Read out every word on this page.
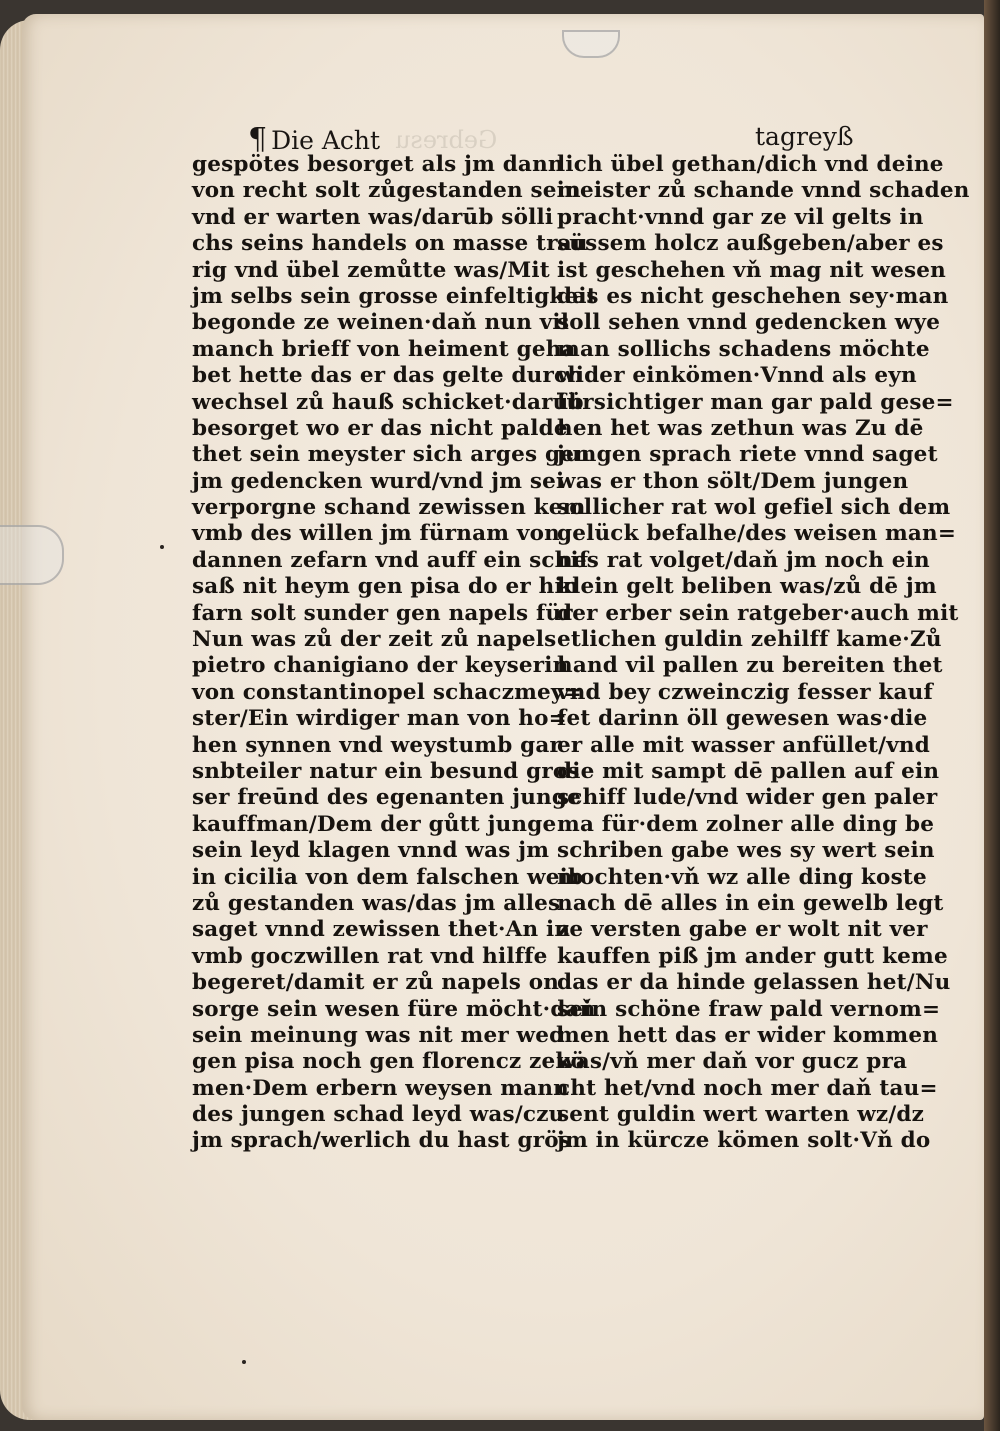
Gebresu
¶ Die Acht	tagreyß
gespötes besorget als jm dann
von recht solt zůgestanden sein
vnd er warten was/darūb sölli
chs seins handels on masse trau
rig vnd übel zemůtte was/Mit
jm selbs sein grosse einfeltigkeit
begonde ze weinen·daň nun vil
manch brieff von heiment geha
bet hette das er das gelte durch
wechsel zů hauß schicket·darūb
besorget wo er das nicht palde
thet sein meyster sich arges gen
jm gedencken wurd/vnd jm sei
verporgne schand zewissen kem
vmb des willen jm fürnam von
dannen zefarn vnd auff ein schif
saß nit heym gen pisa do er hin
farn solt sunder gen napels für
Nun was zů der zeit zů napels
pietro chanigiano der keyserin
von constantinopel schaczmey=
ster/Ein wirdiger man von ho=
hen synnen vnd weystumb gar
snbteiler natur ein besund gros
ser freūnd des egenanten junge
kauffman/Dem der gůtt junge
sein leyd klagen vnnd was jm
in cicilia von dem falschen weib
zů gestanden was/das jm alles
saget vnnd zewissen thet·An in
vmb goczwillen rat vnd hilffe
begeret/damit er zů napels on
sorge sein wesen füre möcht·daň
sein meinung was nit mer wed
gen pisa noch gen florencz zekö
men·Dem erbern weysen mann
des jungen schad leyd was/czu
jm sprach/werlich du hast grös
lich übel gethan/dich vnd deine
meister zů schande vnnd schaden
pracht·vnnd gar ze vil gelts in
süssem holcz außgeben/aber es
ist geschehen vň mag nit wesen
das es nicht geschehen sey·man
soll sehen vnnd gedencken wye
man sollichs schadens möchte
wider einkömen·Vnnd als eyn
fürsichtiger man gar pald gese=
hen het was zethun was Zu dē
jungen sprach riete vnnd saget
was er thon sölt/Dem jungen
sollicher rat wol gefiel sich dem
gelück befalhe/des weisen man=
nes rat volget/daň jm noch ein
klein gelt beliben was/zů dē jm
der erber sein ratgeber·auch mit
etlichen guldin zehilff kame·Zů
hand vil pallen zu bereiten thet
vnd bey czweinczig fesser kauf
fet darinn öll gewesen was·die
er alle mit wasser anfüllet/vnd
die mit sampt dē pallen auf ein
schiff lude/vnd wider gen paler
ma für·dem zolner alle ding be
schriben gabe wes sy wert sein
mochten·vň wz alle ding koste
nach dē alles in ein gewelb legt
ze versten gabe er wolt nit ver
kauffen piß jm ander gutt keme
das er da hinde gelassen het/Nu
sein schöne fraw pald vernom=
men hett das er wider kommen
was/vň mer daň vor gucz pra
cht het/vnd noch mer daň tau=
sent guldin wert warten wz/dz
jm in kürcze kömen solt·Vň do
